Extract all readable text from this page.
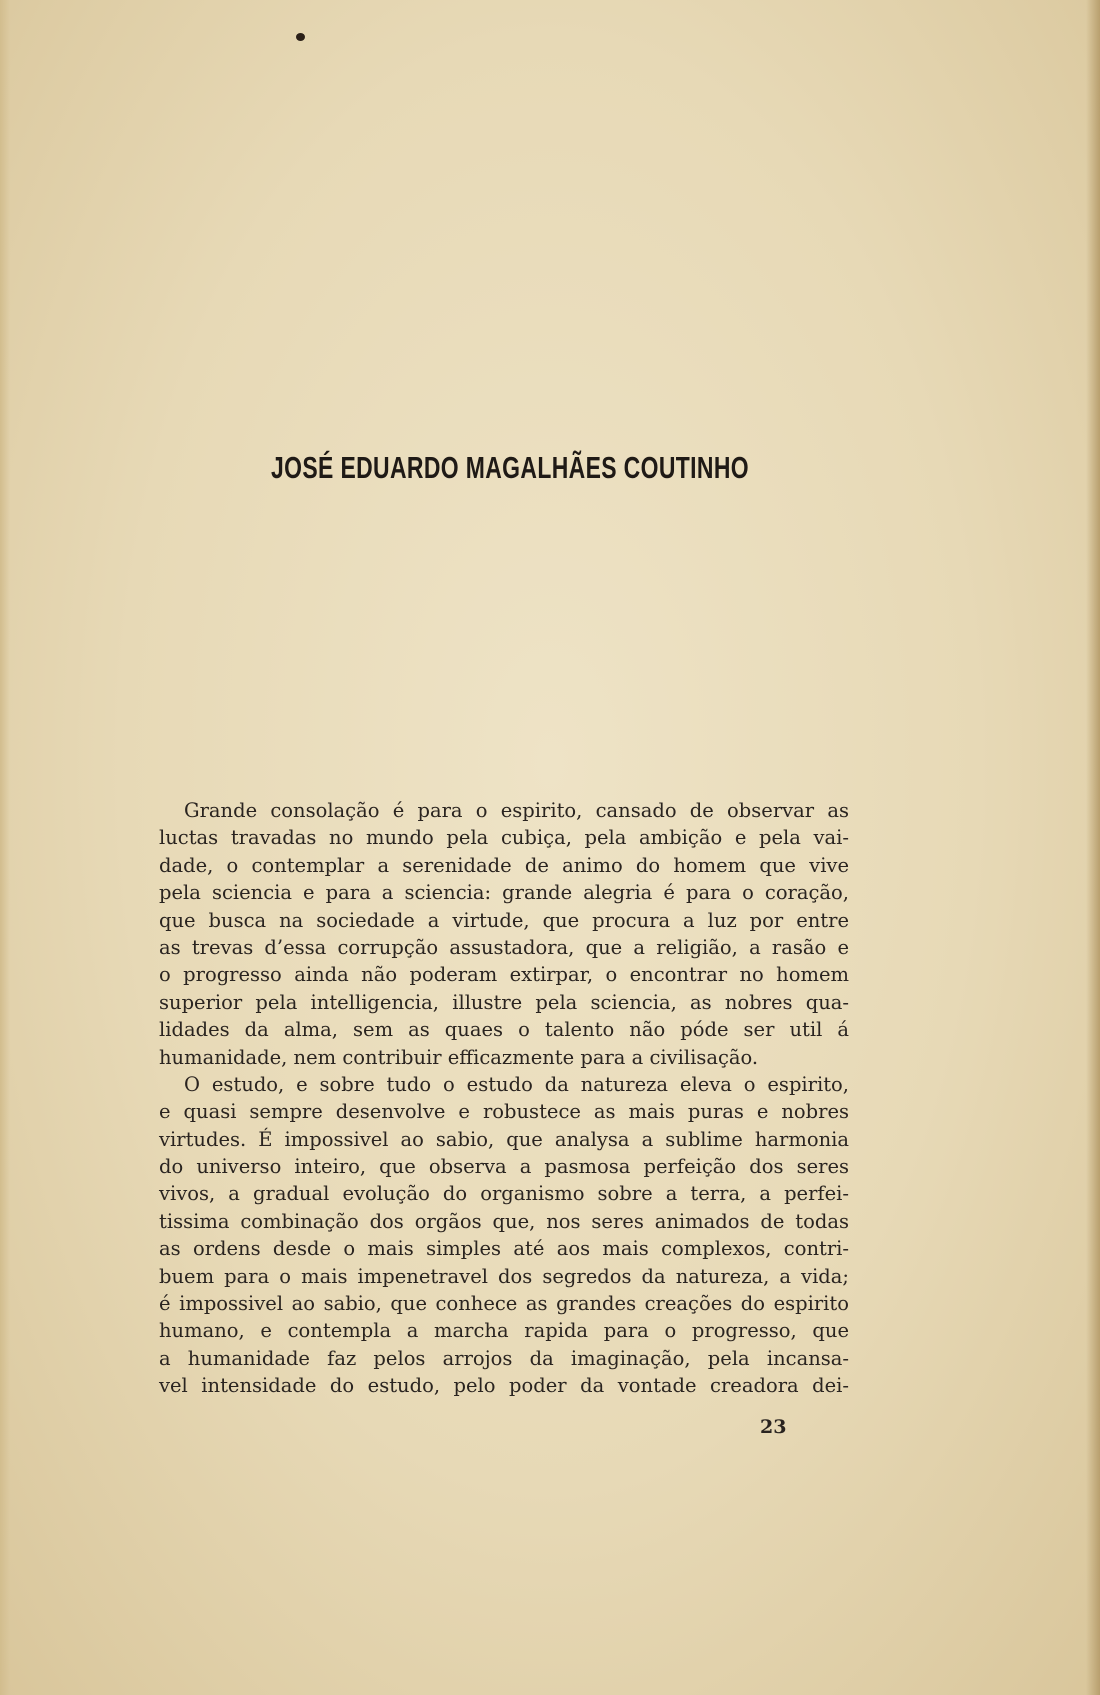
JOSÉ EDUARDO MAGALHÃES COUTINHO
Grande consolação é para o espirito, cansado de observar as
luctas travadas no mundo pela cubiça, pela ambição e pela vai-
dade, o contemplar a serenidade de animo do homem que vive
pela sciencia e para a sciencia: grande alegria é para o coração,
que busca na sociedade a virtude, que procura a luz por entre
as trevas d’essa corrupção assustadora, que a religião, a rasão e
o progresso ainda não poderam extirpar, o encontrar no homem
superior pela intelligencia, illustre pela sciencia, as nobres qua-
lidades da alma, sem as quaes o talento não póde ser util á
humanidade, nem contribuir efficazmente para a civilisação.
O estudo, e sobre tudo o estudo da natureza eleva o espirito,
e quasi sempre desenvolve e robustece as mais puras e nobres
virtudes. É impossivel ao sabio, que analysa a sublime harmonia
do universo inteiro, que observa a pasmosa perfeição dos seres
vivos, a gradual evolução do organismo sobre a terra, a perfei-
tissima combinação dos orgãos que, nos seres animados de todas
as ordens desde o mais simples até aos mais complexos, contri-
buem para o mais impenetravel dos segredos da natureza, a vida;
é impossivel ao sabio, que conhece as grandes creações do espirito
humano, e contempla a marcha rapida para o progresso, que
a humanidade faz pelos arrojos da imaginação, pela incansa-
vel intensidade do estudo, pelo poder da vontade creadora dei-
23
